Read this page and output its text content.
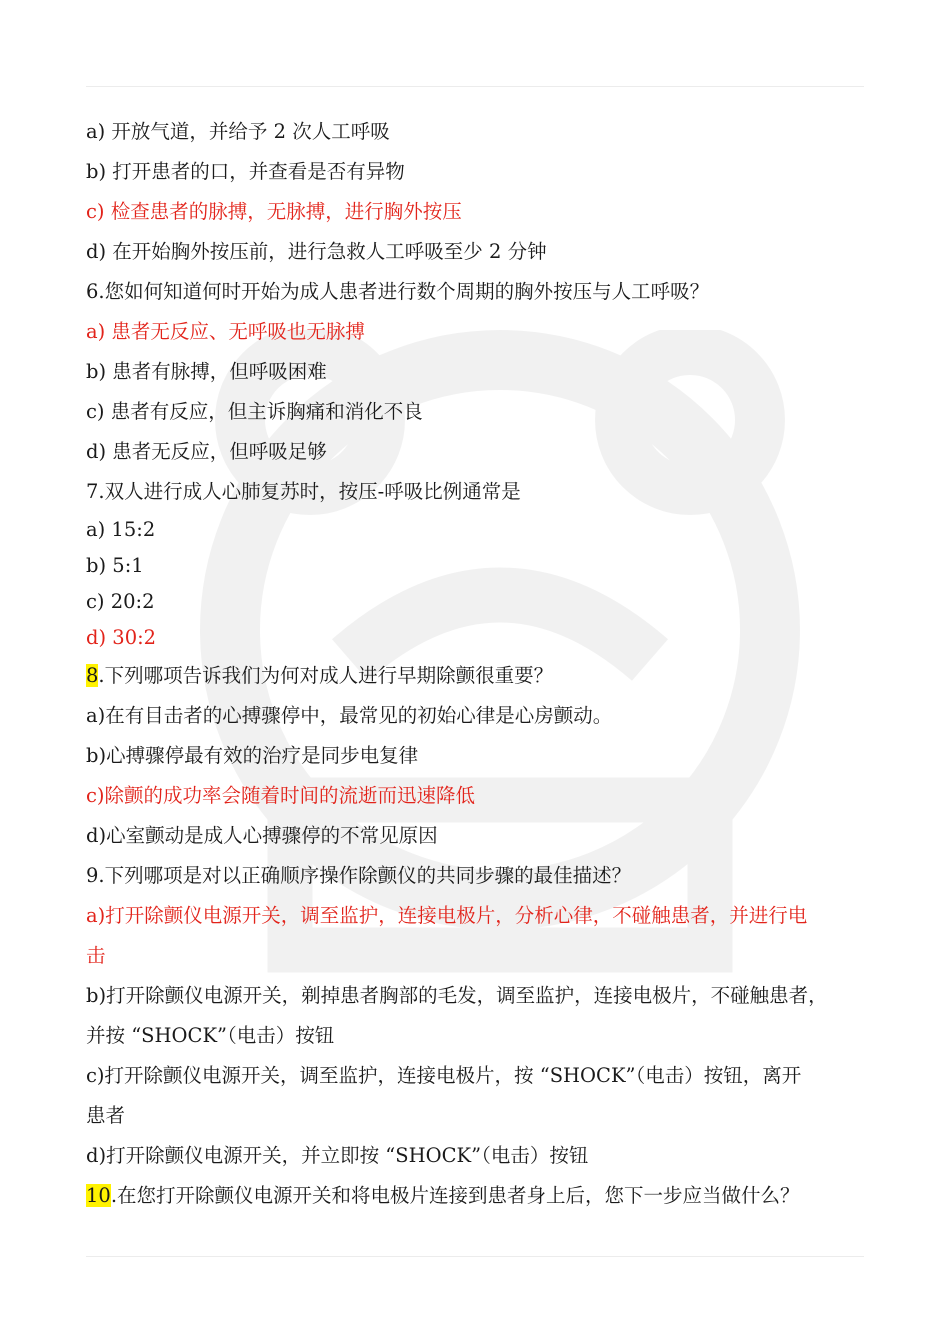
a) 开放气道，并给予 2 次人工呼吸
b) 打开患者的口，并查看是否有异物
c) 检查患者的脉搏，无脉搏，进行胸外按压
d) 在开始胸外按压前，进行急救人工呼吸至少 2 分钟
6.您如何知道何时开始为成人患者进行数个周期的胸外按压与人工呼吸？
a) 患者无反应、无呼吸也无脉搏
b) 患者有脉搏，但呼吸困难
c) 患者有反应，但主诉胸痛和消化不良
d) 患者无反应，但呼吸足够
7.双人进行成人心肺复苏时，按压-呼吸比例通常是
a) 15:2
b) 5:1
c) 20:2
d) 30:2
8.下列哪项告诉我们为何对成人进行早期除颤很重要？
a)在有目击者的心搏骤停中，最常见的初始心律是心房颤动。
b)心搏骤停最有效的治疗是同步电复律
c)除颤的成功率会随着时间的流逝而迅速降低
d)心室颤动是成人心搏骤停的不常见原因
9.下列哪项是对以正确顺序操作除颤仪的共同步骤的最佳描述？
a)打开除颤仪电源开关，调至监护，连接电极片，分析心律，不碰触患者，并进行电
击
b)打开除颤仪电源开关，剃掉患者胸部的毛发，调至监护，连接电极片，不碰触患者，
并按 “SHOCK”（电击）按钮
c)打开除颤仪电源开关，调至监护，连接电极片，按 “SHOCK”（电击）按钮，离开
患者
d)打开除颤仪电源开关，并立即按 “SHOCK”（电击）按钮
10.在您打开除颤仪电源开关和将电极片连接到患者身上后，您下一步应当做什么？
